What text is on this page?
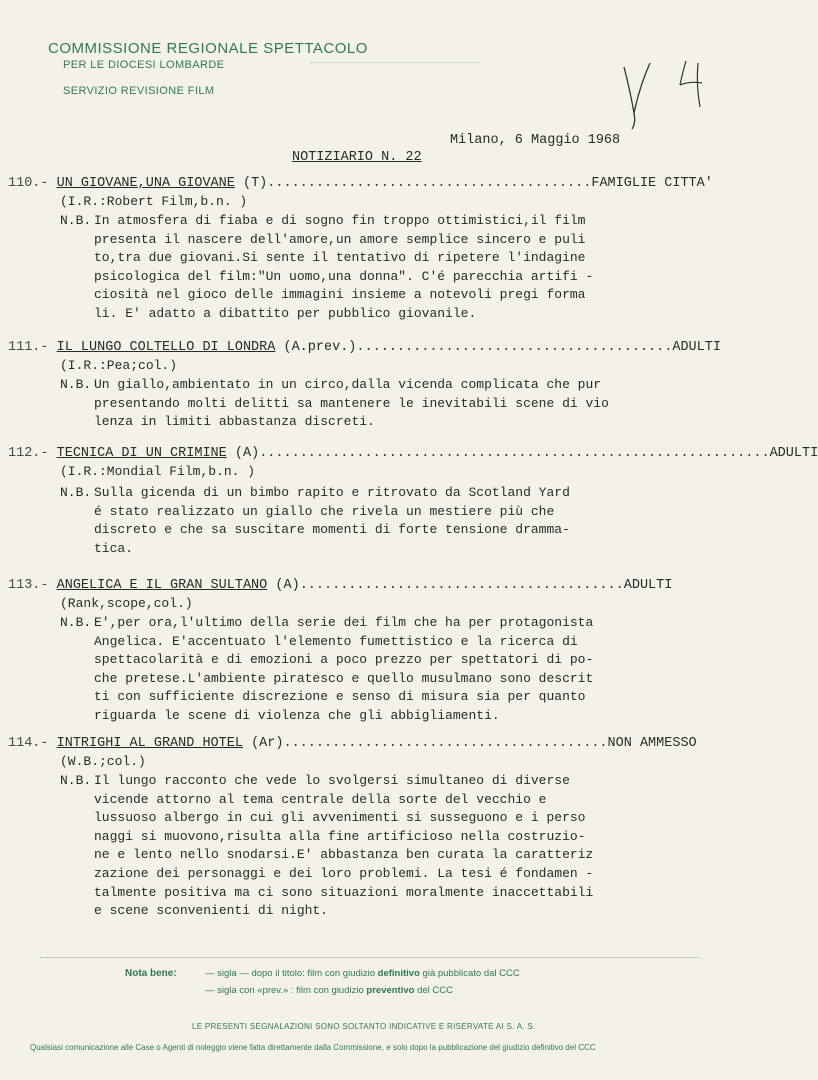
COMMISSIONE REGIONALE SPETTACOLO
PER LE DIOCESI LOMBARDE
SERVIZIO REVISIONE FILM
Milano, 6 Maggio 1968
NOTIZIARIO N. 22
110.- UN GIOVANE,UNA GIOVANE (T)........................................FAMIGLIE CITTA'
(I.R.:Robert Film,b.n. )
N.B. In atmosfera di fiaba e di sogno fin troppo ottimistici,il film
presenta il nascere dell'amore,un amore semplice sincero e puli
to,tra due giovani.Si sente il tentativo di ripetere l'indagine
psicologica del film:"Un uomo,una donna". C'é parecchia artifi -
ciosità nel gioco delle immagini insieme a notevoli pregi forma
li. E' adatto a dibattito per pubblico giovanile.
111.- IL LUNGO COLTELLO DI LONDRA (A.prev.).......................................ADULTI
(I.R.:Pea;col.)
N.B. Un giallo,ambientato in un circo,dalla vicenda complicata che pur
presentando molti delitti sa mantenere le inevitabili scene di vio
lenza in limiti abbastanza discreti.
112.- TECNICA DI UN CRIMINE (A)...............................................................ADULTI
(I.R.:Mondial Film,b.n. )
N.B. Sulla gicenda di un bimbo rapito e ritrovato da Scotland Yard
é stato realizzato un giallo che rivela un mestiere più che
discreto e che sa suscitare momenti di forte tensione dramma-
tica.
113.- ANGELICA E IL GRAN SULTANO (A)........................................ADULTI
(Rank,scope,col.)
N.B. E',per ora,l'ultimo della serie dei film che ha per protagonista
Angelica. E'accentuato l'elemento fumettistico e la ricerca di
spettacolarità e di emozioni a poco prezzo per spettatori di po-
che pretese.L'ambiente piratesco e quello musulmano sono descrit
ti con sufficiente discrezione e senso di misura sia per quanto
riguarda le scene di violenza che gli abbigliamenti.
114.- INTRIGHI AL GRAND HOTEL (Ar)........................................NON AMMESSO
(W.B.;col.)
N.B. Il lungo racconto che vede lo svolgersi simultaneo di diverse
vicende attorno al tema centrale della sorte del vecchio e
lussuoso albergo in cui gli avvenimenti si susseguono e i perso
naggi si muovono,risulta alla fine artificioso nella costruzio-
ne e lento nello snodarsi.E' abbastanza ben curata la caratteriz
zazione dei personaggi e dei loro problemi. La tesi é fondamen -
talmente positiva ma ci sono situazioni moralmente inaccettabili
e scene sconvenienti di night.
Nota bene:	— sigla — dopo il titolo: film con giudizio definitivo già pubblicato dal CCC
— sigla con «prev.» : film con giudizio preventivo del CCC
LE PRESENTI SEGNALAZIONI SONO SOLTANTO INDICATIVE E RISERVATE AI S. A. S.
Qualsiasi comunicazione alle Case o Agenti di noleggio viene fatta direttamente dalla Commissione, e solo dopo la pubblicazione del giudizio definitivo del CCC
